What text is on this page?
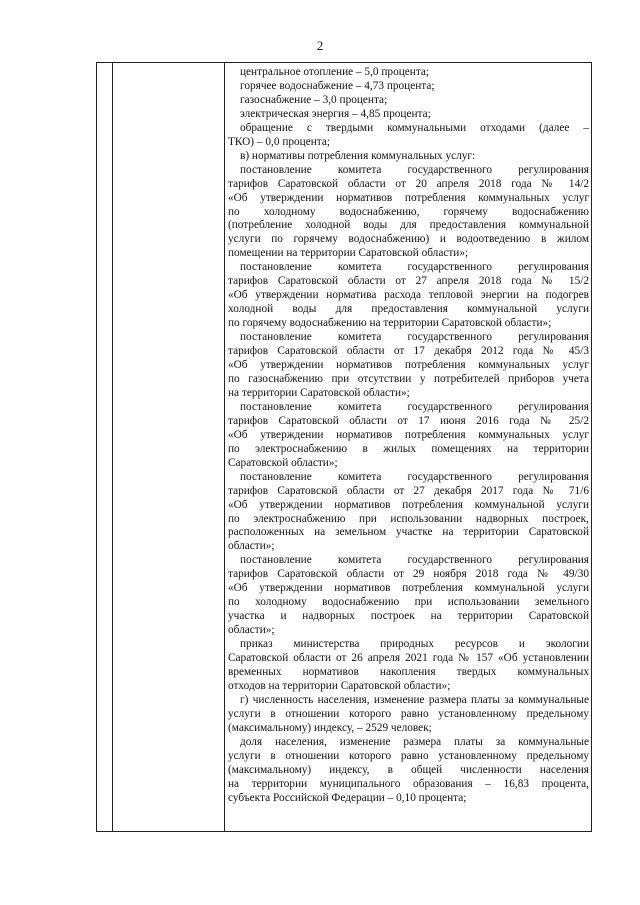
2
центральное отопление – 5,0 процента;
горячее водоснабжение – 4,73 процента;
газоснабжение – 3,0 процента;
электрическая энергия – 4,85 процента;
обращение с твердыми коммунальными отходами (далее –
ТКО) – 0,0 процента;
в) нормативы потребления коммунальных услуг:
постановление комитета государственного регулирования
тарифов Саратовской области от 20 апреля 2018 года № 14/2
«Об утверждении нормативов потребления коммунальных услуг
по холодному водоснабжению, горячему водоснабжению
(потребление холодной воды для предоставления коммунальной
услуги по горячему водоснабжению) и водоотведению в жилом
помещении на территории Саратовской области»;
постановление комитета государственного регулирования
тарифов Саратовской области от 27 апреля 2018 года № 15/2
«Об утверждении норматива расхода тепловой энергии на подогрев
холодной воды для предоставления коммунальной услуги
по горячему водоснабжению на территории Саратовской области»;
постановление комитета государственного регулирования
тарифов Саратовской области от 17 декабря 2012 года № 45/3
«Об утверждении нормативов потребления коммунальных услуг
по газоснабжению при отсутствии у потребителей приборов учета
на территории Саратовской области»;
постановление комитета государственного регулирования
тарифов Саратовской области от 17 июня 2016 года № 25/2
«Об утверждении нормативов потребления коммунальных услуг
по электроснабжению в жилых помещениях на территории
Саратовской области»;
постановление комитета государственного регулирования
тарифов Саратовской области от 27 декабря 2017 года № 71/6
«Об утверждении нормативов потребления коммунальной услуги
по электроснабжению при использовании надворных построек,
расположенных на земельном участке на территории Саратовской
области»;
постановление комитета государственного регулирования
тарифов Саратовской области от 29 ноября 2018 года № 49/30
«Об утверждении нормативов потребления коммунальной услуги
по холодному водоснабжению при использовании земельного
участка и надворных построек на территории Саратовской
области»;
приказ министерства природных ресурсов и экологии
Саратовской области от 26 апреля 2021 года № 157 «Об установлении
временных нормативов накопления твердых коммунальных
отходов на территории Саратовской области»;
г) численность населения, изменение размера платы за коммунальные
услуги в отношении которого равно установленному предельному
(максимальному) индексу, – 2529 человек;
доля населения, изменение размера платы за коммунальные
услуги в отношении которого равно установленному предельному
(максимальному) индексу, в общей численности населения
на территории муниципального образования – 16,83 процента,
субъекта Российской Федерации – 0,10 процента;
